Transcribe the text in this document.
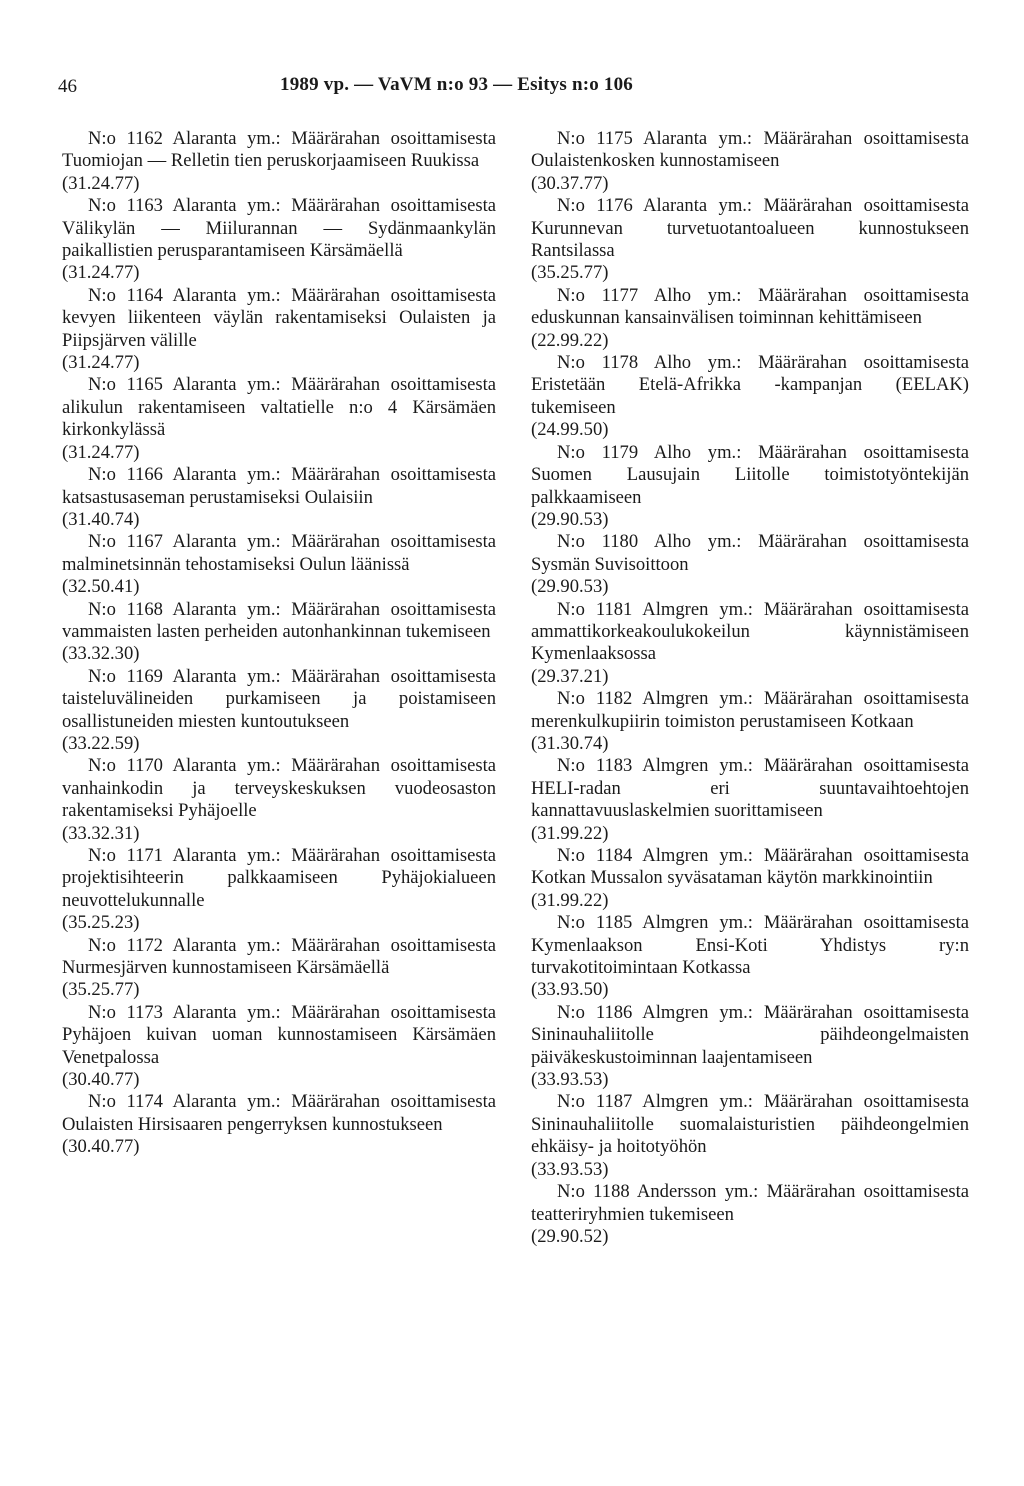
46	1989 vp. — VaVM n:o 93 — Esitys n:o 106

N:o 1162 Alaranta ym.: Määrärahan osoittamisesta Tuomiojan — Relletin tien peruskorjaamiseen Ruukissa

(31.24.77)

N:o 1163 Alaranta ym.: Määrärahan osoittamisesta Välikylän — Miilurannan — Sydänmaankylän paikallistien perusparantamiseen Kärsämäellä

(31.24.77)

N:o 1164 Alaranta ym.: Määrärahan osoittamisesta kevyen liikenteen väylän rakentamiseksi Oulaisten ja Piipsjärven välille

(31.24.77)

N:o 1165 Alaranta ym.: Määrärahan osoittamisesta alikulun rakentamiseen valtatielle n:o 4 Kärsämäen kirkonkylässä

(31.24.77)

N:o 1166 Alaranta ym.: Määrärahan osoittamisesta katsastusaseman perustamiseksi Oulaisiin

(31.40.74)

N:o 1167 Alaranta ym.: Määrärahan osoittamisesta malminetsinnän tehostamiseksi Oulun läänissä

(32.50.41)

N:o 1168 Alaranta ym.: Määrärahan osoittamisesta vammaisten lasten perheiden autonhankinnan tukemiseen

(33.32.30)

N:o 1169 Alaranta ym.: Määrärahan osoittamisesta taisteluvälineiden purkamiseen ja poistamiseen osallistuneiden miesten kuntoutukseen

(33.22.59)

N:o 1170 Alaranta ym.: Määrärahan osoittamisesta vanhainkodin ja terveyskeskuksen vuodeosaston rakentamiseksi Pyhäjoelle

(33.32.31)

N:o 1171 Alaranta ym.: Määrärahan osoittamisesta projektisihteerin palkkaamiseen Pyhäjokialueen neuvottelukunnalle

(35.25.23)

N:o 1172 Alaranta ym.: Määrärahan osoittamisesta Nurmesjärven kunnostamiseen Kärsämäellä

(35.25.77)

N:o 1173 Alaranta ym.: Määrärahan osoittamisesta Pyhäjoen kuivan uoman kunnostamiseen Kärsämäen Venetpalossa

(30.40.77)

N:o 1174 Alaranta ym.: Määrärahan osoittamisesta Oulaisten Hirsisaaren pengerryksen kunnostukseen

(30.40.77)

N:o 1175 Alaranta ym.: Määrärahan osoittamisesta Oulaistenkosken kunnostamiseen

(30.37.77)

N:o 1176 Alaranta ym.: Määrärahan osoittamisesta Kurunnevan turvetuotantoalueen kunnostukseen Rantsilassa

(35.25.77)

N:o 1177 Alho ym.: Määrärahan osoittamisesta eduskunnan kansainvälisen toiminnan kehittämiseen

(22.99.22)

N:o 1178 Alho ym.: Määrärahan osoittamisesta Eristetään Etelä-Afrikka -kampanjan (EELAK) tukemiseen

(24.99.50)

N:o 1179 Alho ym.: Määrärahan osoittamisesta Suomen Lausujain Liitolle toimistotyöntekijän palkkaamiseen

(29.90.53)

N:o 1180 Alho ym.: Määrärahan osoittamisesta Sysmän Suvisoittoon

(29.90.53)

N:o 1181 Almgren ym.: Määrärahan osoittamisesta ammattikorkeakoulukokeilun käynnistämiseen Kymenlaaksossa

(29.37.21)

N:o 1182 Almgren ym.: Määrärahan osoittamisesta merenkulkupiirin toimiston perustamiseen Kotkaan

(31.30.74)

N:o 1183 Almgren ym.: Määrärahan osoittamisesta HELI-radan eri suuntavaihtoehtojen kannattavuuslaskelmien suorittamiseen

(31.99.22)

N:o 1184 Almgren ym.: Määrärahan osoittamisesta Kotkan Mussalon syväsataman käytön markkinointiin

(31.99.22)

N:o 1185 Almgren ym.: Määrärahan osoittamisesta Kymenlaakson Ensi-Koti Yhdistys ry:n turvakotitoimintaan Kotkassa

(33.93.50)

N:o 1186 Almgren ym.: Määrärahan osoittamisesta Sininauhaliitolle päihdeongelmaisten päiväkeskustoiminnan laajentamiseen

(33.93.53)

N:o 1187 Almgren ym.: Määrärahan osoittamisesta Sininauhaliitolle suomalaisturistien päihdeongelmien ehkäisy- ja hoitotyöhön

(33.93.53)

N:o 1188 Andersson ym.: Määrärahan osoittamisesta teatteriryhmien tukemiseen

(29.90.52)
